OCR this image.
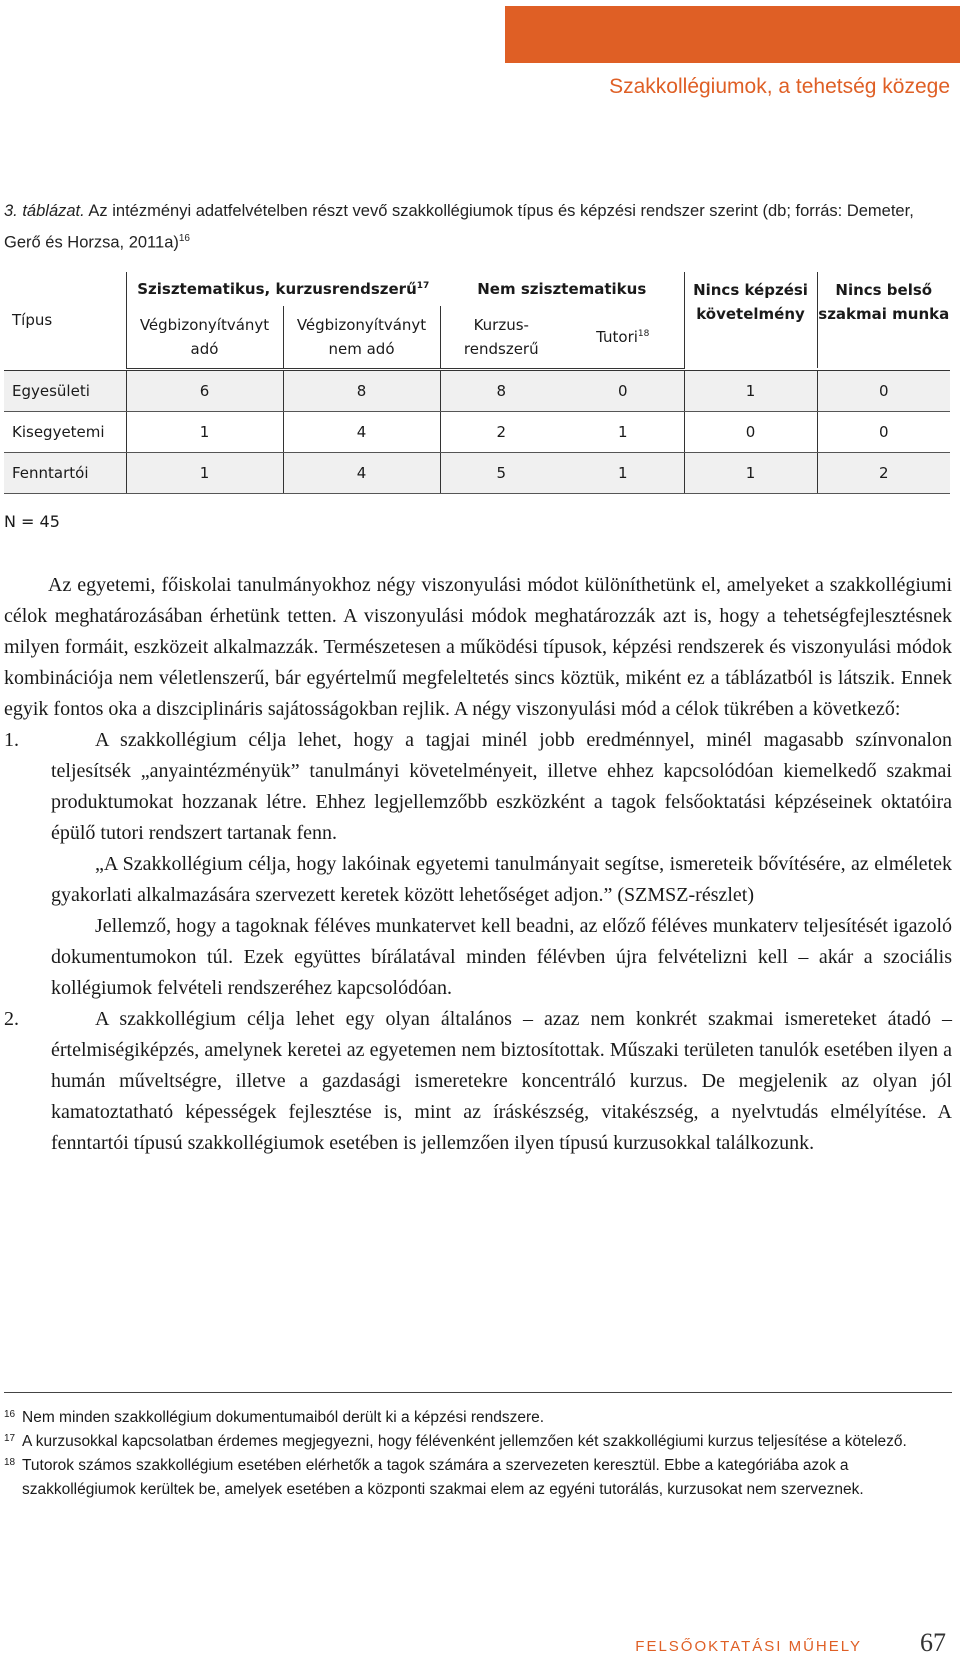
Szakkollégiumok, a tehetség közege
3. táblázat. Az intézményi adatfelvételben részt vevő szakkollégiumok típus és képzési rendszer szerint (db; forrás: Demeter, Gerő és Horzsa, 2011a)$^{16}$
Típus	Szisztematikus, kurzusrendszerű$^{17}$		Nem szisztematikus		Nincs képzési követelmény	Nincs belső szakmai munka
	Végbizonyítványt adó	Végbizonyítványt nem adó	Kurzus-rendszerű	Tutori$^{18}$

Egyesületi	6	8	8	0	1	0
Kisegyetemi	1	4	2	1	0	0
Fenntartói	1	4	5	1	1	2
N = 45

Az egyetemi, főiskolai tanulmányokhoz négy viszonyulási módot különíthetünk el, amelyeket a szakkollégiumi célok meghatározásában érhetünk tetten. A viszonyulási módok meghatározzák azt is, hogy a tehetségfejlesztésnek milyen formáit, eszközeit alkalmazzák. Természetesen a működési típusok, képzési rendszerek és viszonyulási módok kombinációja nem véletlenszerű, bár egyértelmű megfeleltetés sincs köztük, miként ez a táblázatból is látszik. Ennek egyik fontos oka a diszciplináris sajátosságokban rejlik. A négy viszonyulási mód a célok tükrében a következő:

1.	A szakkollégium célja lehet, hogy a tagjai minél jobb eredménnyel, minél magasabb színvonalon teljesítsék „anyaintézményük” tanulmányi követelményeit, illetve ehhez kapcsolódóan kiemelkedő szakmai produktumokat hozzanak létre. Ehhez legjellemzőbb eszközként a tagok felsőoktatási képzéseinek oktatóira épülő tutori rendszert tartanak fenn.

„A Szakkollégium célja, hogy lakóinak egyetemi tanulmányait segítse, ismereteik bővítésére, az elméletek gyakorlati alkalmazására szervezett keretek között lehetőséget adjon.” (SZMSZ-részlet)

Jellemző, hogy a tagoknak féléves munkatervet kell beadni, az előző féléves munkaterv teljesítését igazoló dokumentumokon túl. Ezek együttes bírálatával minden félévben újra felvételizni kell – akár a szociális kollégiumok felvételi rendszeréhez kapcsolódóan.

2.	A szakkollégium célja lehet egy olyan általános – azaz nem konkrét szakmai ismereteket átadó – értelmiségiképzés, amelynek keretei az egyetemen nem biztosítottak. Műszaki területen tanulók esetében ilyen a humán műveltségre, illetve a gazdasági ismeretekre koncentráló kurzus. De megjelenik az olyan jól kamatoztatható képességek fejlesztése is, mint az íráskészség, vitakészség, a nyelvtudás elmélyítése. A fenntartói típusú szakkollégiumok esetében is jellemzően ilyen típusú kurzusokkal találkozunk.

16 Nem minden szakkollégium dokumentumaiból derült ki a képzési rendszere.
17 A kurzusokkal kapcsolatban érdemes megjegyezni, hogy félévenként jellemzően két szakkollégiumi kurzus teljesítése a kötelező.
18 Tutorok számos szakkollégium esetében elérhetők a tagok számára a szervezeten keresztül. Ebbe a kategóriába azok a szakkollégiumok kerültek be, amelyek esetében a központi szakmai elem az egyéni tutorálás, kurzusokat nem szerveznek.
FELSŐOKTATÁSI MŰHELY 67
